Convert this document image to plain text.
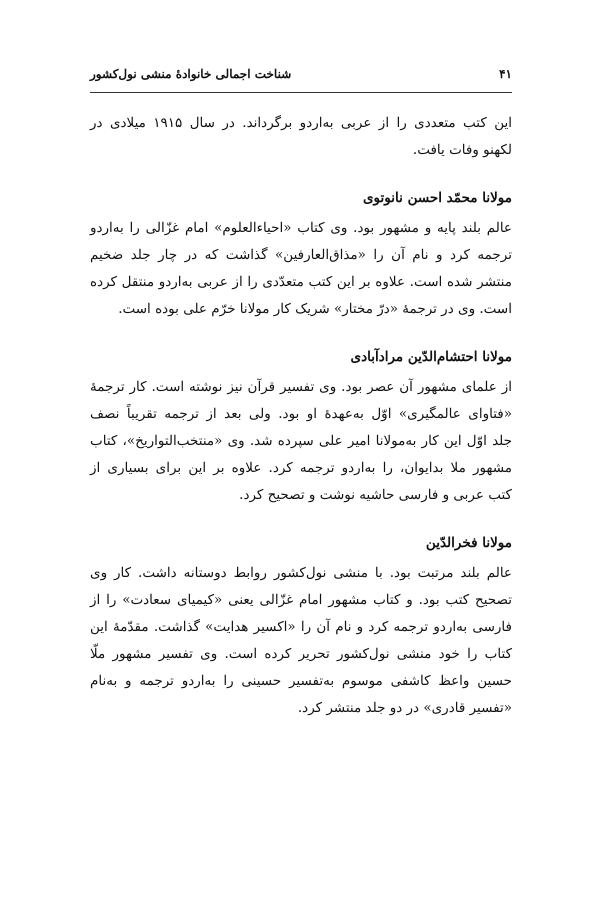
۴۱
شناخت اجمالی خانوادۀ منشی نول‌کشور

این کتب متعددی را از عربی به‌اردو برگرداند. در سال ۱۹۱۵ میلادی در
لکهنو وفات یافت.

مولانا محمّد احسن نانوتوی

عالم بلند پایه و مشهور بود. وی کتاب «احیاءالعلوم» امام غزّالی را به‌اردو
ترجمه کرد و نام آن را «مذاق‌العارفین» گذاشت که در چار جلد ضخیم
منتشر شده است. علاوه بر این کتب متعدّدی را از عربی به‌اردو منتقل کرده
است. وی در ترجمهٔ «درّ مختار» شریک کار مولانا خرّم علی بوده است.

مولانا احتشام‌الدّین مرادآبادی

از علمای مشهور آن عصر بود. وی تفسیر قرآن نیز نوشته است. کار ترجمهٔ
«فتاوای عالمگیری» اوّل به‌عهدهٔ او بود. ولی بعد از ترجمه تقریباً نصف
جلد اوّل این کار به‌مولانا امیر علی سپرده شد. وی «منتخب‌التواریخ»، کتاب
مشهور ملا بدایوان، را به‌اردو ترجمه کرد. علاوه بر این برای بسیاری از
کتب عربی و فارسی حاشیه نوشت و تصحیح کرد.

مولانا فخرالدّین

عالم بلند مرتبت بود. با منشی نول‌کشور روابط دوستانه داشت. کار وی
تصحیح کتب بود. و کتاب مشهور امام غزّالی یعنی «کیمیای سعادت» را از
فارسی به‌اردو ترجمه کرد و نام آن را «اکسیر هدایت» گذاشت. مقدّمهٔ این
کتاب را خود منشی نول‌کشور تحریر کرده است. وی تفسیر مشهور ملّا
حسین واعظ کاشفی موسوم به‌تفسیر حسینی را به‌اردو ترجمه و به‌نام
«تفسیر قادری» در دو جلد منتشر کرد.
